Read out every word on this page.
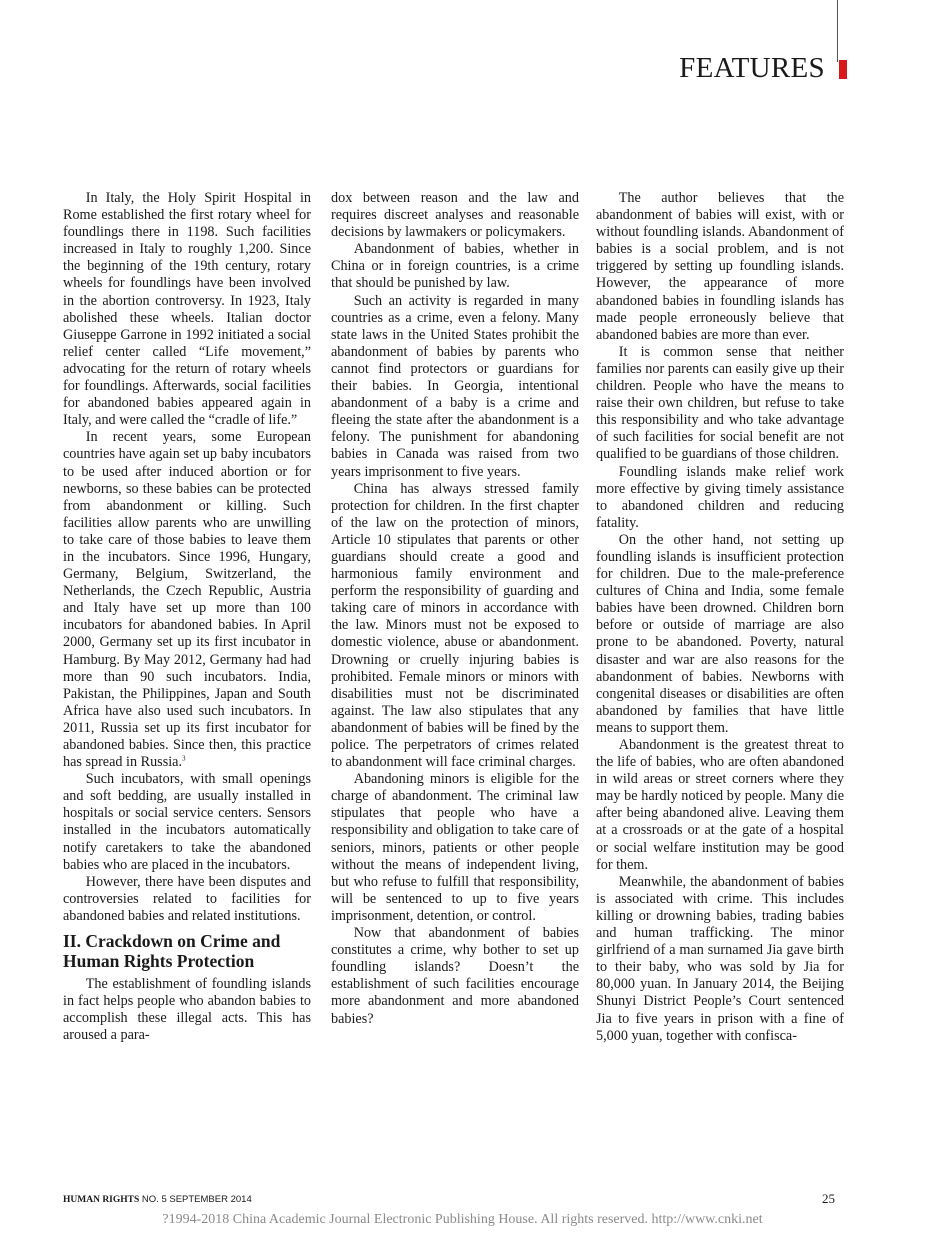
FEATURES

In Italy, the Holy Spirit Hospital in Rome established the first rotary wheel for foundlings there in 1198. Such facilities increased in Italy to roughly 1,200. Since the beginning of the 19th century, rotary wheels for foundlings have been involved in the abortion controversy. In 1923, Italy abolished these wheels. Italian doctor Giuseppe Garrone in 1992 initiated a social relief center called “Life movement,” advocating for the return of rotary wheels for foundlings. Afterwards, social facilities for abandoned babies appeared again in Italy, and were called the “cradle of life.”

In recent years, some European countries have again set up baby incubators to be used after induced abortion or for newborns, so these babies can be protected from abandonment or killing. Such facilities allow parents who are unwilling to take care of those babies to leave them in the incubators. Since 1996, Hungary, Germany, Belgium, Switzerland, the Netherlands, the Czech Republic, Austria and Italy have set up more than 100 incubators for abandoned babies. In April 2000, Germany set up its first incubator in Hamburg. By May 2012, Germany had had more than 90 such incubators. India, Pakistan, the Philippines, Japan and South Africa have also used such incubators. In 2011, Russia set up its first incubator for abandoned babies. Since then, this practice has spread in Russia.$^3$

Such incubators, with small openings and soft bedding, are usually installed in hospitals or social service centers. Sensors installed in the incubators automatically notify caretakers to take the abandoned babies who are placed in the incubators.

However, there have been disputes and controversies related to facilities for abandoned babies and related institutions.

II. Crackdown on Crime and Human Rights Protection

The establishment of foundling islands in fact helps people who abandon babies to accomplish these illegal acts. This has aroused a para-

dox between reason and the law and requires discreet analyses and reasonable decisions by lawmakers or policymakers.

Abandonment of babies, whether in China or in foreign countries, is a crime that should be punished by law.

Such an activity is regarded in many countries as a crime, even a felony. Many state laws in the United States prohibit the abandonment of babies by parents who cannot find protectors or guardians for their babies. In Georgia, intentional abandonment of a baby is a crime and fleeing the state after the abandonment is a felony. The punishment for abandoning babies in Canada was raised from two years imprisonment to five years.

China has always stressed family protection for children. In the first chapter of the law on the protection of minors, Article 10 stipulates that parents or other guardians should create a good and harmonious family environment and perform the responsibility of guarding and taking care of minors in accordance with the law. Minors must not be exposed to domestic violence, abuse or abandonment. Drowning or cruelly injuring babies is prohibited. Female minors or minors with disabilities must not be discriminated against. The law also stipulates that any abandonment of babies will be fined by the police. The perpetrators of crimes related to abandonment will face criminal charges.

Abandoning minors is eligible for the charge of abandonment. The criminal law stipulates that people who have a responsibility and obligation to take care of seniors, minors, patients or other people without the means of independent living, but who refuse to fulfill that responsibility, will be sentenced to up to five years imprisonment, detention, or control.

Now that abandonment of babies constitutes a crime, why bother to set up foundling islands? Doesn’t the establishment of such facilities encourage more abandonment and more abandoned babies?

The author believes that the abandonment of babies will exist, with or without foundling islands. Abandonment of babies is a social problem, and is not triggered by setting up foundling islands. However, the appearance of more abandoned babies in foundling islands has made people erroneously believe that abandoned babies are more than ever.

It is common sense that neither families nor parents can easily give up their children. People who have the means to raise their own children, but refuse to take this responsibility and who take advantage of such facilities for social benefit are not qualified to be guardians of those children.

Foundling islands make relief work more effective by giving timely assistance to abandoned children and reducing fatality.

On the other hand, not setting up foundling islands is insufficient protection for children. Due to the male-preference cultures of China and India, some female babies have been drowned. Children born before or outside of marriage are also prone to be abandoned. Poverty, natural disaster and war are also reasons for the abandonment of babies. Newborns with congenital diseases or disabilities are often abandoned by families that have little means to support them.

Abandonment is the greatest threat to the life of babies, who are often abandoned in wild areas or street corners where they may be hardly noticed by people. Many die after being abandoned alive. Leaving them at a crossroads or at the gate of a hospital or social welfare institution may be good for them.

Meanwhile, the abandonment of babies is associated with crime. This includes killing or drowning babies, trading babies and human trafficking. The minor girlfriend of a man surnamed Jia gave birth to their baby, who was sold by Jia for 80,000 yuan. In January 2014, the Beijing Shunyi District People’s Court sentenced Jia to five years in prison with a fine of 5,000 yuan, together with confisca-

HUMAN RIGHTS NO. 5 SEPTEMBER 2014	25
?1994-2018 China Academic Journal Electronic Publishing House. All rights reserved. http://www.cnki.net
